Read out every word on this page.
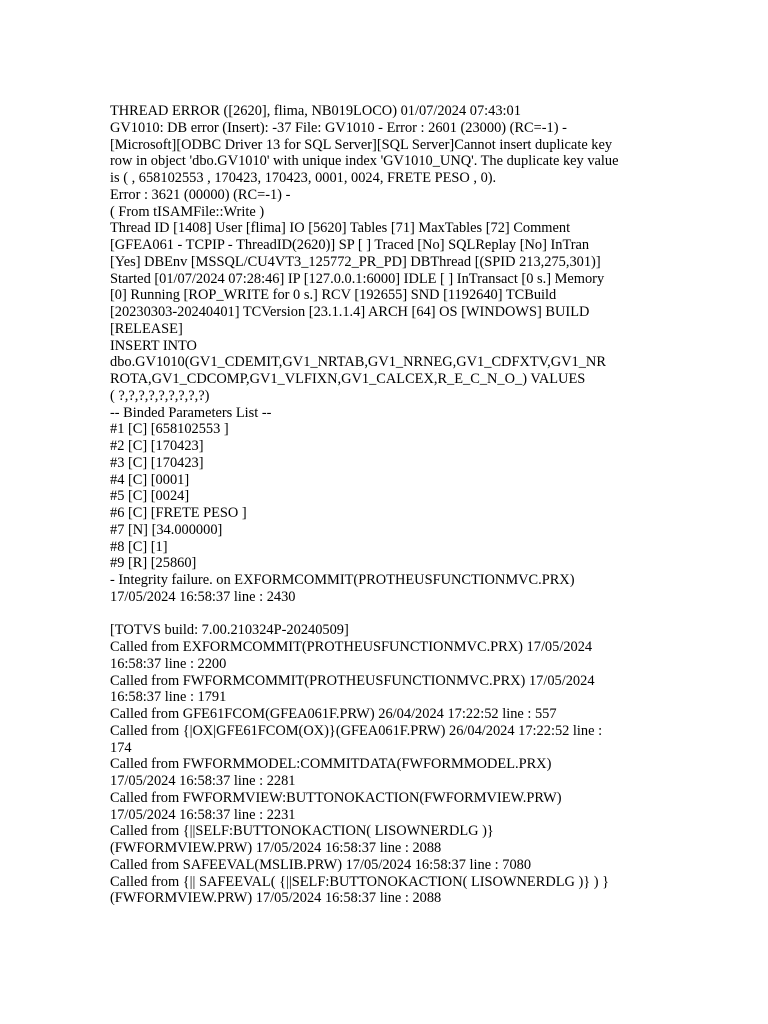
THREAD ERROR ([2620], flima, NB019LOCO) 01/07/2024 07:43:01
GV1010: DB error (Insert): -37 File: GV1010 - Error : 2601 (23000) (RC=-1) -
[Microsoft][ODBC Driver 13 for SQL Server][SQL Server]Cannot insert duplicate key
row in object 'dbo.GV1010' with unique index 'GV1010_UNQ'. The duplicate key value
is ( , 658102553 , 170423, 170423, 0001, 0024, FRETE PESO , 0).
Error : 3621 (00000) (RC=-1) -
( From tISAMFile::Write )
Thread ID [1408] User [flima] IO [5620] Tables [71] MaxTables [72] Comment
[GFEA061 - TCPIP - ThreadID(2620)] SP [ ] Traced [No] SQLReplay [No] InTran
[Yes] DBEnv [MSSQL/CU4VT3_125772_PR_PD] DBThread [(SPID 213,275,301)]
Started [01/07/2024 07:28:46] IP [127.0.0.1:6000] IDLE [ ] InTransact [0 s.] Memory
[0] Running [ROP_WRITE for 0 s.] RCV [192655] SND [1192640] TCBuild
[20230303-20240401] TCVersion [23.1.1.4] ARCH [64] OS [WINDOWS] BUILD
[RELEASE]
INSERT INTO
dbo.GV1010(GV1_CDEMIT,GV1_NRTAB,GV1_NRNEG,GV1_CDFXTV,GV1_NR
ROTA,GV1_CDCOMP,GV1_VLFIXN,GV1_CALCEX,R_E_C_N_O_) VALUES
( ?,?,?,?,?,?,?,?,?)
-- Binded Parameters List --
#1 [C] [658102553 ]
#2 [C] [170423]
#3 [C] [170423]
#4 [C] [0001]
#5 [C] [0024]
#6 [C] [FRETE PESO ]
#7 [N] [34.000000]
#8 [C] [1]
#9 [R] [25860]
- Integrity failure. on EXFORMCOMMIT(PROTHEUSFUNCTIONMVC.PRX)
17/05/2024 16:58:37 line : 2430
[TOTVS build: 7.00.210324P-20240509]
Called from EXFORMCOMMIT(PROTHEUSFUNCTIONMVC.PRX) 17/05/2024
16:58:37 line : 2200
Called from FWFORMCOMMIT(PROTHEUSFUNCTIONMVC.PRX) 17/05/2024
16:58:37 line : 1791
Called from GFE61FCOM(GFEA061F.PRW) 26/04/2024 17:22:52 line : 557
Called from {|OX|GFE61FCOM(OX)}(GFEA061F.PRW) 26/04/2024 17:22:52 line :
174
Called from FWFORMMODEL:COMMITDATA(FWFORMMODEL.PRX)
17/05/2024 16:58:37 line : 2281
Called from FWFORMVIEW:BUTTONOKACTION(FWFORMVIEW.PRW)
17/05/2024 16:58:37 line : 2231
Called from {||SELF:BUTTONOKACTION( LISOWNERDLG )}
(FWFORMVIEW.PRW) 17/05/2024 16:58:37 line : 2088
Called from SAFEEVAL(MSLIB.PRW) 17/05/2024 16:58:37 line : 7080
Called from {|| SAFEEVAL( {||SELF:BUTTONOKACTION( LISOWNERDLG )} ) }
(FWFORMVIEW.PRW) 17/05/2024 16:58:37 line : 2088
